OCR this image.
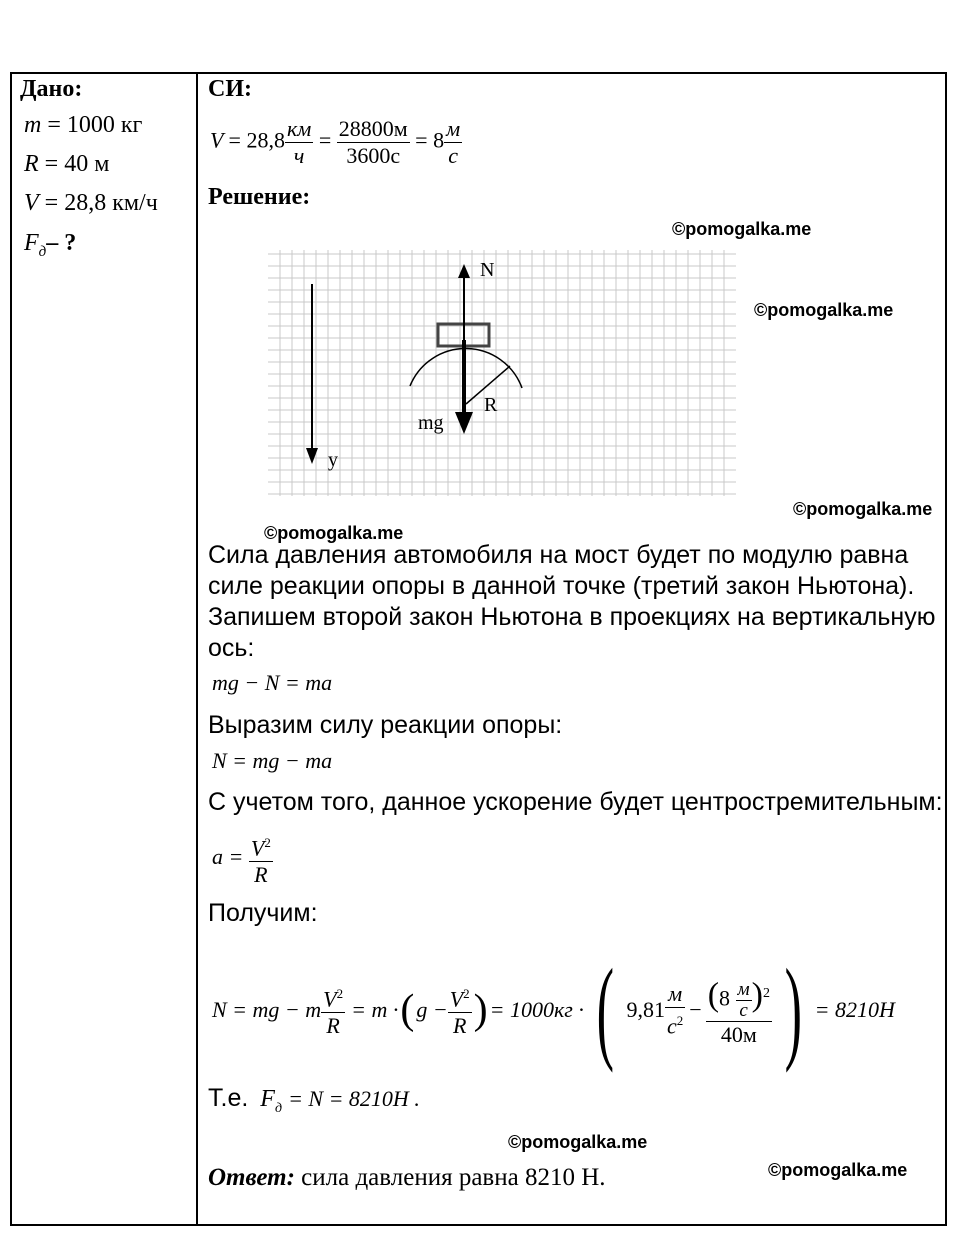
Дано:
m = 1000 кг
R = 40 м
V = 28,8 км/ч
$F_д-$ ?
СИ:
$V = 28,8 \frac{км}{ч} = \frac{28800м}{3600с} = 8 \frac{м}{с}$
Решение:
©pomogalka.me
©pomogalka.me
©pomogalka.me
©pomogalka.me
©pomogalka.me
©pomogalka.me
N
R
mg
y
Сила давления автомобиля на мост будет по модулю равна
силе реакции опоры в данной точке (третий закон Ньютона).
Запишем второй закон Ньютона в проекциях на вертикальную
ось:
mg − N = ma
Выразим силу реакции опоры:
N = mg − ma
С учетом того, данное ускорение будет центростремительным:
$a = \frac{V^2}{R}$
Получим:
N = mg − m $\frac{V^2}{R} = m$ · ( $g - \frac{V^2}{R}$ ) = 1000кг · ( $9,81 \frac{м}{c^2} - \frac{(8 \frac{м}{c} )^2}{40м}$ ) = 8210Н
Т.е. $F_д = N = 8210Н$ .
Ответ: сила давления равна 8210 Н.
